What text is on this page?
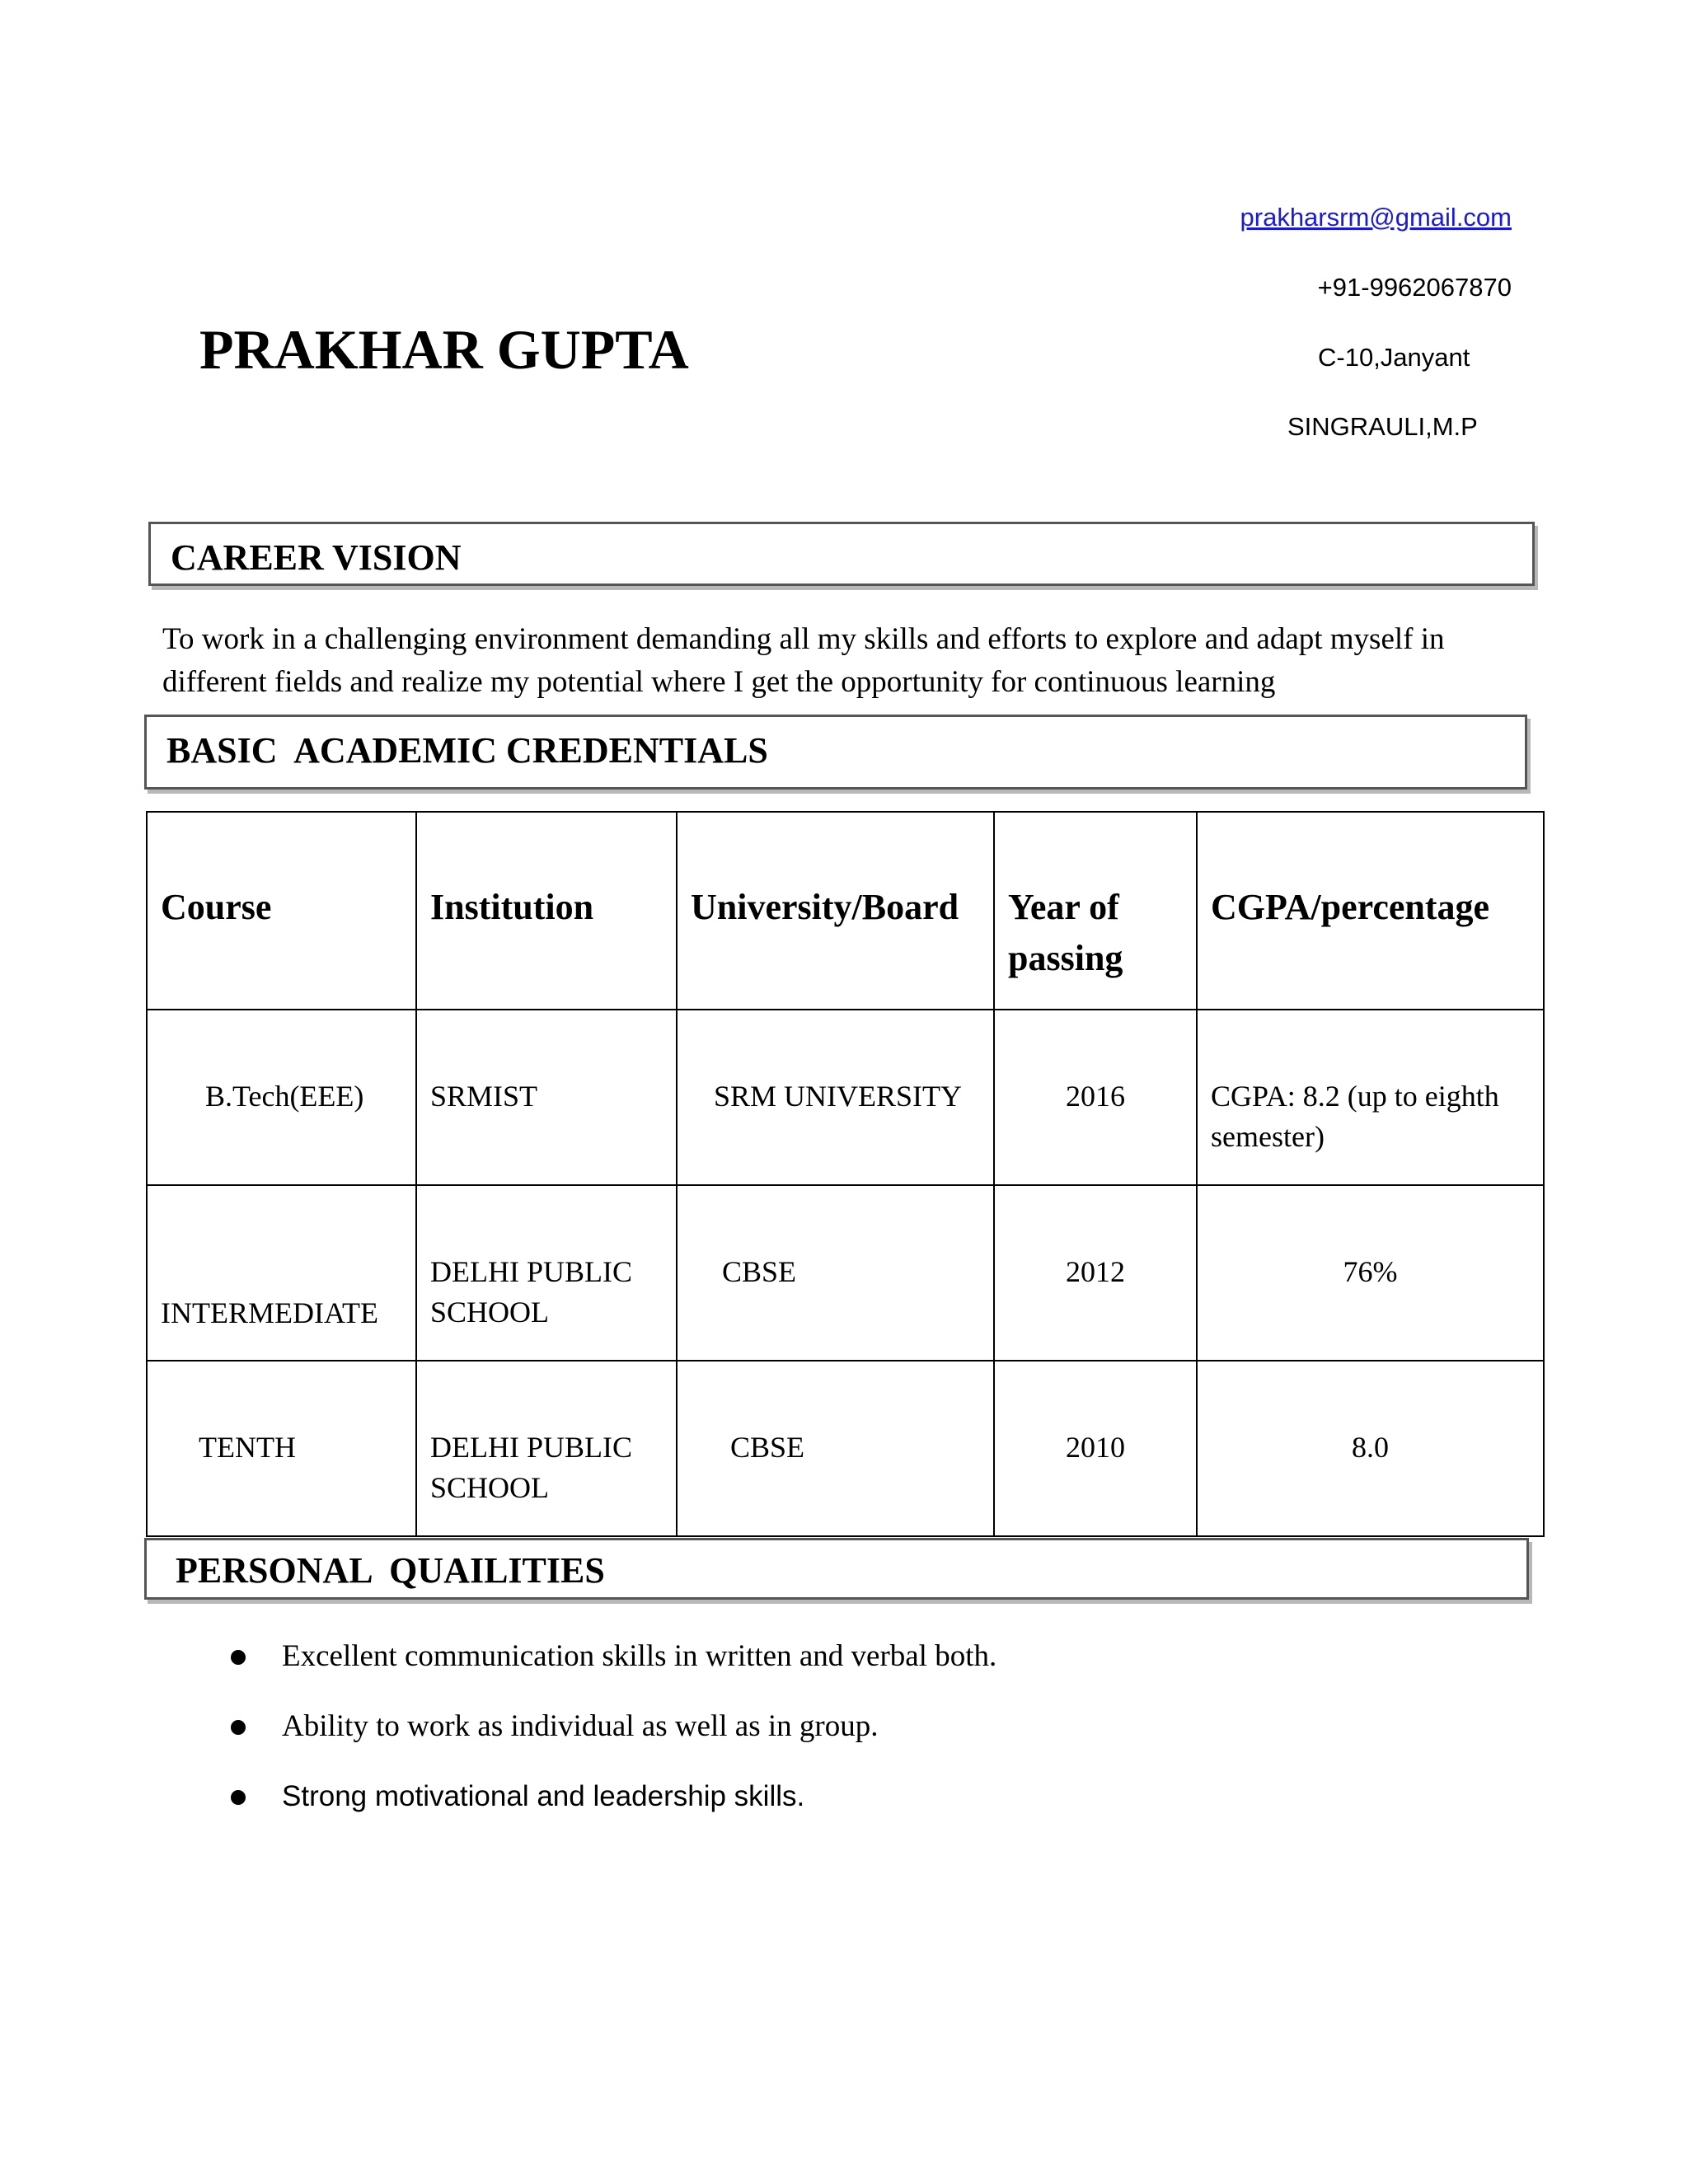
prakharsrm@gmail.com
+91-9962067870
C-10,Janyant
SINGRAULI,M.P
PRAKHAR GUPTA
CAREER VISION
To work in a challenging environment demanding all my skills and efforts to explore and adapt myself in different fields and realize my potential where I get the opportunity for continuous learning
BASIC  ACADEMIC CREDENTIALS
Course	Institution	University/Board	Year of passing	CGPA/percentage
B.Tech(EEE)	SRMIST	SRM UNIVERSITY	2016	CGPA: 8.2 (up to eighth semester)
INTERMEDIATE	DELHI PUBLIC SCHOOL	CBSE	2012	76%
TENTH	DELHI PUBLIC SCHOOL	CBSE	2010	8.0
PERSONAL  QUAILITIES
Excellent communication skills in written and verbal both.
Ability to work as individual as well as in group.
Strong motivational and leadership skills.
